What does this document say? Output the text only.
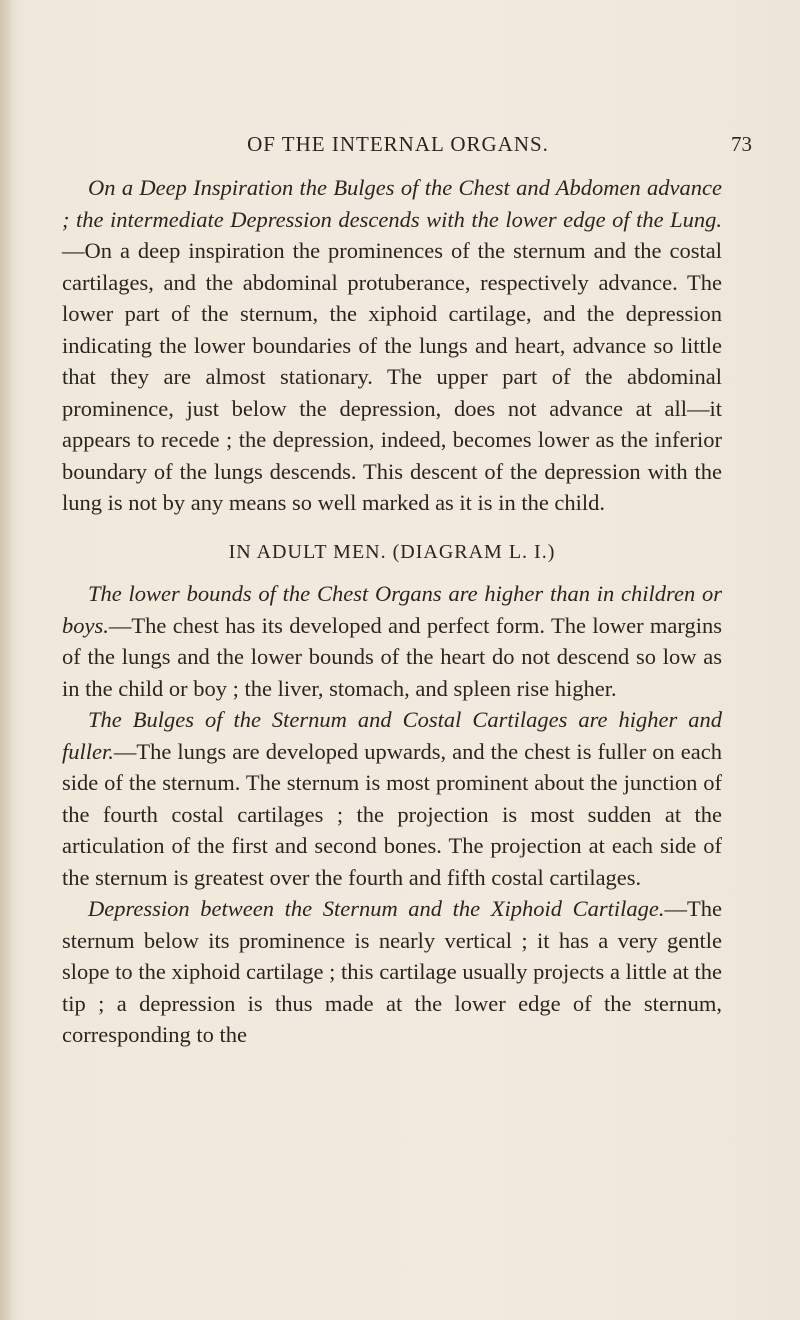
OF THE INTERNAL ORGANS.	73

On a Deep Inspiration the Bulges of the Chest and Abdomen advance ; the intermediate Depression descends with the lower edge of the Lung.—On a deep inspiration the prominences of the sternum and the costal cartilages, and the abdominal protuberance, respectively advance. The lower part of the sternum, the xiphoid cartilage, and the depression indicating the lower boundaries of the lungs and heart, advance so little that they are almost stationary. The upper part of the abdominal prominence, just below the depression, does not advance at all—it appears to recede ; the depression, indeed, becomes lower as the inferior boundary of the lungs descends. This descent of the depression with the lung is not by any means so well marked as it is in the child.

IN ADULT MEN. (DIAGRAM L. I.)

The lower bounds of the Chest Organs are higher than in children or boys.—The chest has its developed and perfect form. The lower margins of the lungs and the lower bounds of the heart do not descend so low as in the child or boy ; the liver, stomach, and spleen rise higher.

The Bulges of the Sternum and Costal Cartilages are higher and fuller.—The lungs are developed upwards, and the chest is fuller on each side of the sternum. The sternum is most prominent about the junction of the fourth costal cartilages ; the projection is most sudden at the articulation of the first and second bones. The projection at each side of the sternum is greatest over the fourth and fifth costal cartilages.

Depression between the Sternum and the Xiphoid Cartilage.—The sternum below its prominence is nearly vertical ; it has a very gentle slope to the xiphoid cartilage ; this cartilage usually projects a little at the tip ; a depression is thus made at the lower edge of the sternum, corresponding to the
